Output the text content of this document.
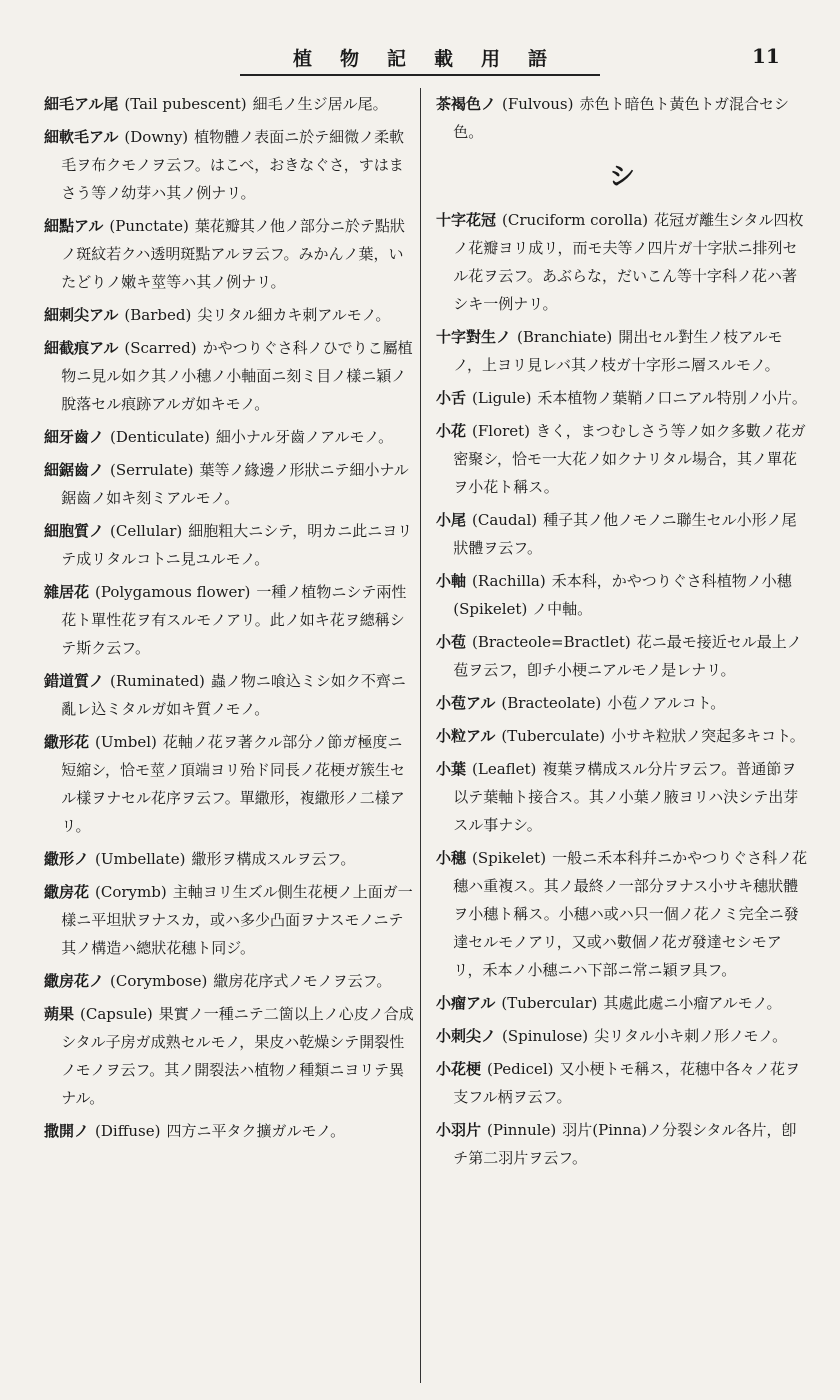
植物記載用語	11

細毛アル尾 (Tail pubescent) 細毛ノ生ジ居ル尾。

細軟毛アル (Downy) 植物體ノ表面ニ於テ細微ノ柔軟毛ヲ布クモノヲ云フ。はこべ，おきなぐさ，すはまさう等ノ幼芽ハ其ノ例ナリ。

細點アル (Punctate) 葉花瓣其ノ他ノ部分ニ於テ點狀ノ斑紋若クハ透明斑點アルヲ云フ。みかんノ葉，いたどりノ嫩キ莖等ハ其ノ例ナリ。

細刺尖アル (Barbed) 尖リタル細カキ刺アルモノ。

細截痕アル (Scarred) かやつりぐさ科ノひでりこ屬植物ニ見ル如ク其ノ小穗ノ小軸面ニ刻ミ目ノ樣ニ穎ノ脫落セル痕跡アルガ如キモノ。

細牙齒ノ (Denticulate) 細小ナル牙齒ノアルモノ。

細鋸齒ノ (Serrulate) 葉等ノ緣邊ノ形狀ニテ細小ナル鋸齒ノ如キ刻ミアルモノ。

細胞質ノ (Cellular) 細胞粗大ニシテ，明カニ此ニヨリテ成リタルコトニ見ユルモノ。

雜居花 (Polygamous flower) 一種ノ植物ニシテ兩性花ト單性花ヲ有スルモノアリ。此ノ如キ花ヲ總稱シテ斯ク云フ。

錯道質ノ (Ruminated) 蟲ノ物ニ喰込ミシ如ク不齊ニ亂レ込ミタルガ如キ質ノモノ。

繖形花 (Umbel) 花軸ノ花ヲ著クル部分ノ節ガ極度ニ短縮シ，恰モ莖ノ頂端ヨリ殆ド同長ノ花梗ガ簇生セル樣ヲナセル花序ヲ云フ。單繖形，複繖形ノ二樣アリ。

繖形ノ (Umbellate) 繖形ヲ構成スルヲ云フ。

繖房花 (Corymb) 主軸ヨリ生ズル側生花梗ノ上面ガ一樣ニ平坦狀ヲナスカ，或ハ多少凸面ヲナスモノニテ其ノ構造ハ總狀花穗ト同ジ。

繖房花ノ (Corymbose) 繖房花序式ノモノヲ云フ。

蒴果 (Capsule) 果實ノ一種ニテ二箇以上ノ心皮ノ合成シタル子房ガ成熟セルモノ，果皮ハ乾燥シテ開裂性ノモノヲ云フ。其ノ開裂法ハ植物ノ種類ニヨリテ異ナル。

撒開ノ (Diffuse) 四方ニ平タク擴ガルモノ。

茶褐色ノ (Fulvous) 赤色ト暗色ト黃色トガ混合セシ色。

シ

十字花冠 (Cruciform corolla) 花冠ガ離生シタル四枚ノ花瓣ヨリ成リ，而モ夫等ノ四片ガ十字狀ニ排列セル花ヲ云フ。あぶらな，だいこん等十字科ノ花ハ著シキ一例ナリ。

十字對生ノ (Branchiate) 開出セル對生ノ枝アルモノ，上ヨリ見レバ其ノ枝ガ十字形ニ層スルモノ。

小舌 (Ligule) 禾本植物ノ葉鞘ノ口ニアル特別ノ小片。

小花 (Floret) きく，まつむしさう等ノ如ク多數ノ花ガ密聚シ，恰モ一大花ノ如クナリタル場合，其ノ單花ヲ小花ト稱ス。

小尾 (Caudal) 種子其ノ他ノモノニ聯生セル小形ノ尾狀體ヲ云フ。

小軸 (Rachilla) 禾本科，かやつりぐさ科植物ノ小穗 (Spikelet) ノ中軸。

小苞 (Bracteole=Bractlet) 花ニ最モ接近セル最上ノ苞ヲ云フ，卽チ小梗ニアルモノ是レナリ。

小苞アル (Bracteolate) 小苞ノアルコト。

小粒アル (Tuberculate) 小サキ粒狀ノ突起多キコト。

小葉 (Leaflet) 複葉ヲ構成スル分片ヲ云フ。普通節ヲ以テ葉軸ト接合ス。其ノ小葉ノ腋ヨリハ決シテ出芽スル事ナシ。

小穗 (Spikelet) 一般ニ禾本科幷ニかやつりぐさ科ノ花穗ハ重複ス。其ノ最終ノ一部分ヲナス小サキ穗狀體ヲ小穗ト稱ス。小穗ハ或ハ只一個ノ花ノミ完全ニ發達セルモノアリ，又或ハ數個ノ花ガ發達セシモアリ，禾本ノ小穗ニハ下部ニ常ニ穎ヲ具フ。

小瘤アル (Tubercular) 其處此處ニ小瘤アルモノ。

小刺尖ノ (Spinulose) 尖リタル小キ刺ノ形ノモノ。

小花梗 (Pedicel) 又小梗トモ稱ス，花穗中各々ノ花ヲ支フル柄ヲ云フ。

小羽片 (Pinnule) 羽片(Pinna)ノ分裂シタル各片，卽チ第二羽片ヲ云フ。
